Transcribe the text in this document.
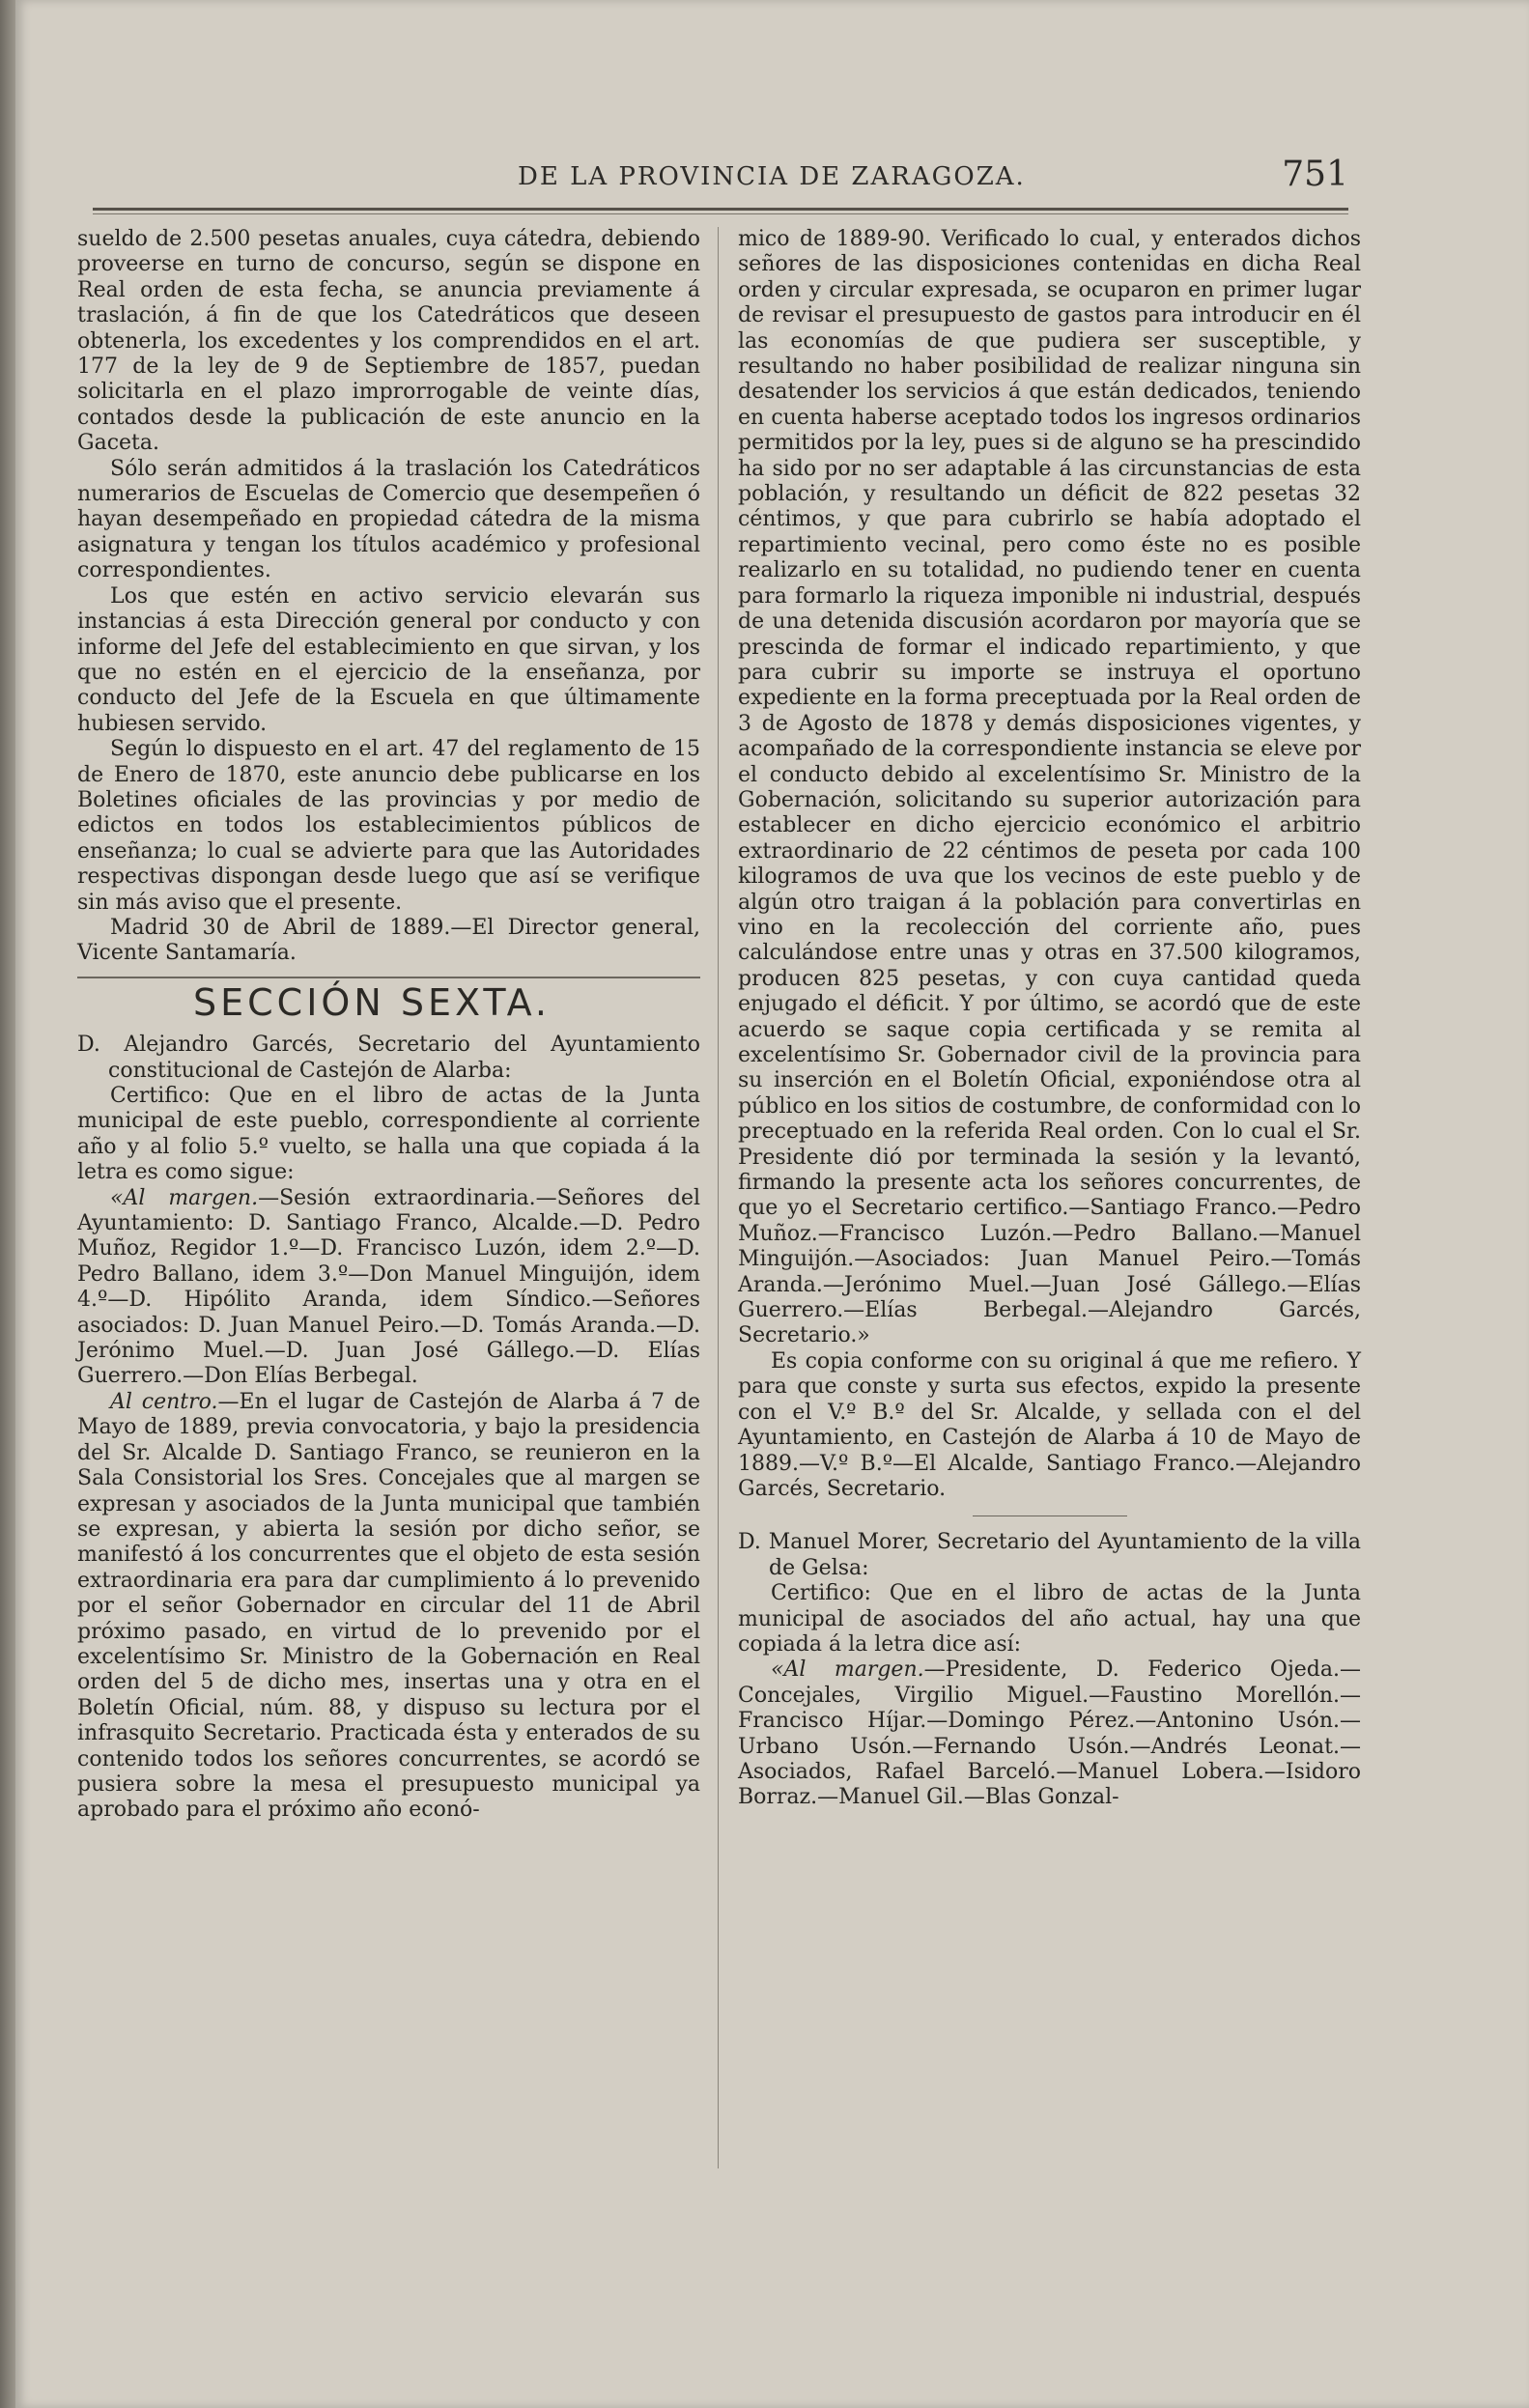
DE LA PROVINCIA DE ZARAGOZA.	751

sueldo de 2.500 pesetas anuales, cuya cátedra, debiendo proveerse en turno de concurso, según se dispone en Real orden de esta fecha, se anuncia previamente á traslación, á fin de que los Catedráticos que deseen obtenerla, los excedentes y los comprendidos en el art. 177 de la ley de 9 de Septiembre de 1857, puedan solicitarla en el plazo improrrogable de veinte días, contados desde la publicación de este anuncio en la Gaceta.

Sólo serán admitidos á la traslación los Catedráticos numerarios de Escuelas de Comercio que desempeñen ó hayan desempeñado en propiedad cátedra de la misma asignatura y tengan los títulos académico y profesional correspondientes.

Los que estén en activo servicio elevarán sus instancias á esta Dirección general por conducto y con informe del Jefe del establecimiento en que sirvan, y los que no estén en el ejercicio de la enseñanza, por conducto del Jefe de la Escuela en que últimamente hubiesen servido.

Según lo dispuesto en el art. 47 del reglamento de 15 de Enero de 1870, este anuncio debe publicarse en los Boletines oficiales de las provincias y por medio de edictos en todos los establecimientos públicos de enseñanza; lo cual se advierte para que las Autoridades respectivas dispongan desde luego que así se verifique sin más aviso que el presente.

Madrid 30 de Abril de 1889.—El Director general, Vicente Santamaría.

SECCIÓN SEXTA.

D. Alejandro Garcés, Secretario del Ayuntamiento constitucional de Castejón de Alarba:

Certifico: Que en el libro de actas de la Junta municipal de este pueblo, correspondiente al corriente año y al folio 5.º vuelto, se halla una que copiada á la letra es como sigue:

«Al margen.—Sesión extraordinaria.—Señores del Ayuntamiento: D. Santiago Franco, Alcalde.—D. Pedro Muñoz, Regidor 1.º—D. Francisco Luzón, idem 2.º—D. Pedro Ballano, idem 3.º—Don Manuel Minguijón, idem 4.º—D. Hipólito Aranda, idem Síndico.—Señores asociados: D. Juan Manuel Peiro.—D. Tomás Aranda.—D. Jerónimo Muel.—D. Juan José Gállego.—D. Elías Guerrero.—Don Elías Berbegal.

Al centro.—En el lugar de Castejón de Alarba á 7 de Mayo de 1889, previa convocatoria, y bajo la presidencia del Sr. Alcalde D. Santiago Franco, se reunieron en la Sala Consistorial los Sres. Concejales que al margen se expresan y asociados de la Junta municipal que también se expresan, y abierta la sesión por dicho señor, se manifestó á los concurrentes que el objeto de esta sesión extraordinaria era para dar cumplimiento á lo prevenido por el señor Gobernador en circular del 11 de Abril próximo pasado, en virtud de lo prevenido por el excelentísimo Sr. Ministro de la Gobernación en Real orden del 5 de dicho mes, insertas una y otra en el Boletín Oficial, núm. 88, y dispuso su lectura por el infrasquito Secretario. Practicada ésta y enterados de su contenido todos los señores concurrentes, se acordó se pusiera sobre la mesa el presupuesto municipal ya aprobado para el próximo año econó-

mico de 1889-90. Verificado lo cual, y enterados dichos señores de las disposiciones contenidas en dicha Real orden y circular expresada, se ocuparon en primer lugar de revisar el presupuesto de gastos para introducir en él las economías de que pudiera ser susceptible, y resultando no haber posibilidad de realizar ninguna sin desatender los servicios á que están dedicados, teniendo en cuenta haberse aceptado todos los ingresos ordinarios permitidos por la ley, pues si de alguno se ha prescindido ha sido por no ser adaptable á las circunstancias de esta población, y resultando un déficit de 822 pesetas 32 céntimos, y que para cubrirlo se había adoptado el repartimiento vecinal, pero como éste no es posible realizarlo en su totalidad, no pudiendo tener en cuenta para formarlo la riqueza imponible ni industrial, después de una detenida discusión acordaron por mayoría que se prescinda de formar el indicado repartimiento, y que para cubrir su importe se instruya el oportuno expediente en la forma preceptuada por la Real orden de 3 de Agosto de 1878 y demás disposiciones vigentes, y acompañado de la correspondiente instancia se eleve por el conducto debido al excelentísimo Sr. Ministro de la Gobernación, solicitando su superior autorización para establecer en dicho ejercicio económico el arbitrio extraordinario de 22 céntimos de peseta por cada 100 kilogramos de uva que los vecinos de este pueblo y de algún otro traigan á la población para convertirlas en vino en la recolección del corriente año, pues calculándose entre unas y otras en 37.500 kilogramos, producen 825 pesetas, y con cuya cantidad queda enjugado el déficit. Y por último, se acordó que de este acuerdo se saque copia certificada y se remita al excelentísimo Sr. Gobernador civil de la provincia para su inserción en el Boletín Oficial, exponiéndose otra al público en los sitios de costumbre, de conformidad con lo preceptuado en la referida Real orden. Con lo cual el Sr. Presidente dió por terminada la sesión y la levantó, firmando la presente acta los señores concurrentes, de que yo el Secretario certifico.—Santiago Franco.—Pedro Muñoz.—Francisco Luzón.—Pedro Ballano.—Manuel Minguijón.—Asociados: Juan Manuel Peiro.—Tomás Aranda.—Jerónimo Muel.—Juan José Gállego.—Elías Guerrero.—Elías Berbegal.—Alejandro Garcés, Secretario.»

Es copia conforme con su original á que me refiero. Y para que conste y surta sus efectos, expido la presente con el V.º B.º del Sr. Alcalde, y sellada con el del Ayuntamiento, en Castejón de Alarba á 10 de Mayo de 1889.—V.º B.º—El Alcalde, Santiago Franco.—Alejandro Garcés, Secretario.

D. Manuel Morer, Secretario del Ayuntamiento de la villa de Gelsa:

Certifico: Que en el libro de actas de la Junta municipal de asociados del año actual, hay una que copiada á la letra dice así:

«Al margen.—Presidente, D. Federico Ojeda.—Concejales, Virgilio Miguel.—Faustino Morellón.—Francisco Híjar.—Domingo Pérez.—Antonino Usón.—Urbano Usón.—Fernando Usón.—Andrés Leonat.—Asociados, Rafael Barceló.—Manuel Lobera.—Isidoro Borraz.—Manuel Gil.—Blas Gonzal-
